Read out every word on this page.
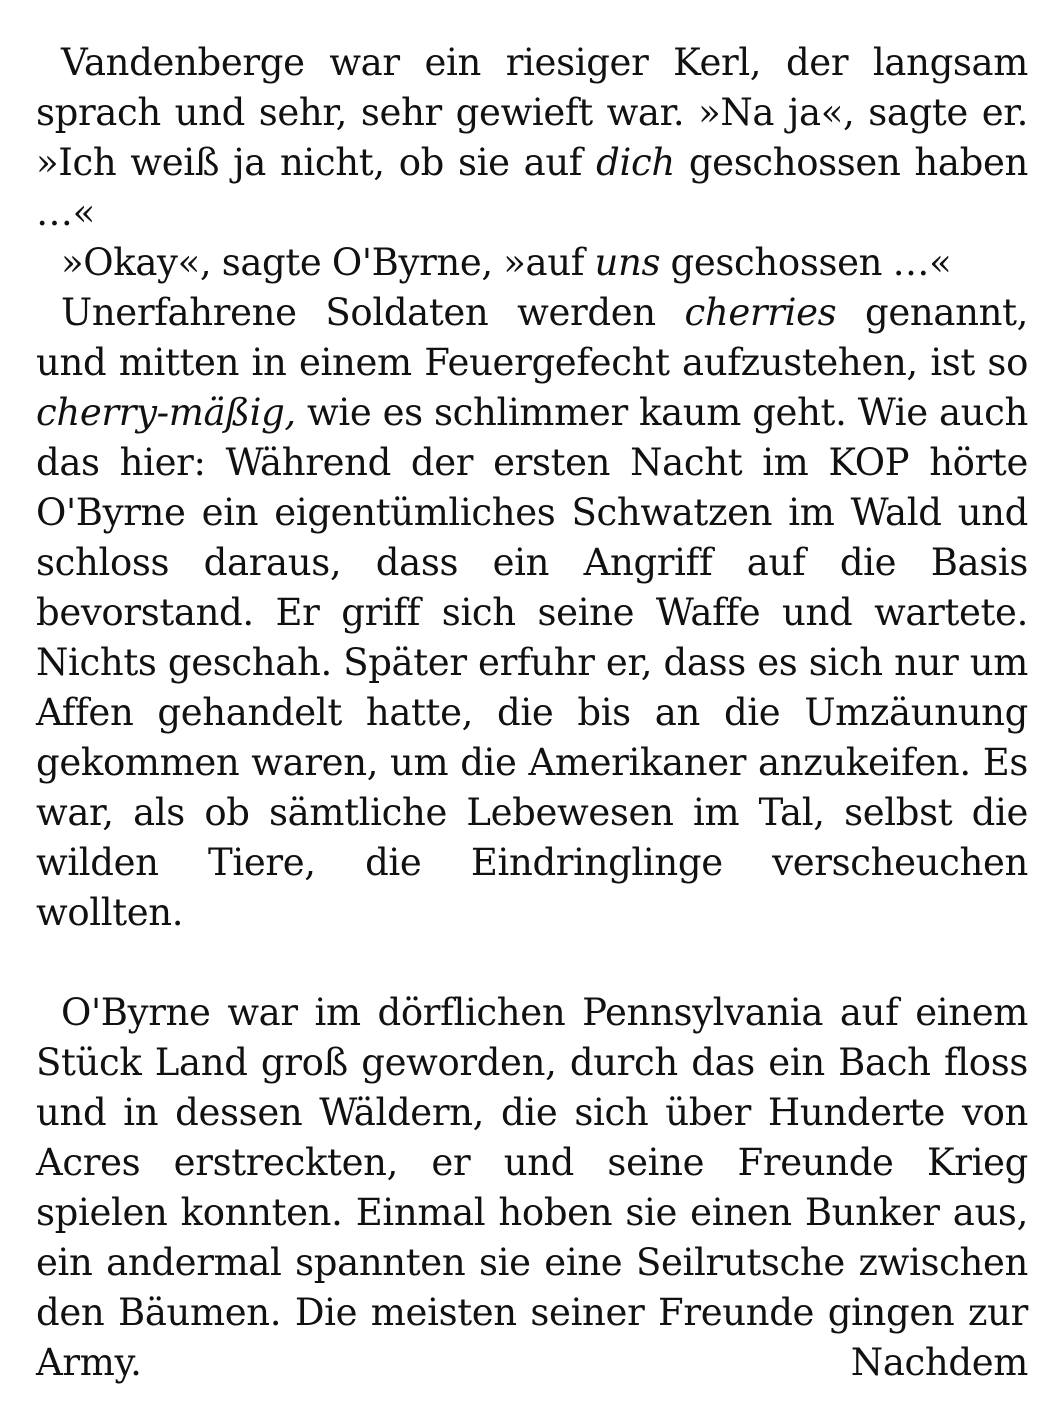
Vandenberge war ein riesiger Kerl, der langsam sprach und sehr, sehr gewieft war. »Na ja«, sagte er. »Ich weiß ja nicht, ob sie auf dich geschossen haben …«

»Okay«, sagte O'Byrne, »auf uns geschossen …«

Unerfahrene Soldaten werden cherries genannt, und mitten in einem Feuergefecht aufzustehen, ist so cherry-mäßig, wie es schlimmer kaum geht. Wie auch das hier: Während der ersten Nacht im KOP hörte O'Byrne ein eigentümliches Schwatzen im Wald und schloss daraus, dass ein Angriff auf die Basis bevorstand. Er griff sich seine Waffe und wartete. Nichts geschah. Später erfuhr er, dass es sich nur um Affen gehandelt hatte, die bis an die Umzäunung gekommen waren, um die Amerikaner anzukeifen. Es war, als ob sämtliche Lebewesen im Tal, selbst die wilden Tiere, die Eindringlinge verscheuchen wollten.

O'Byrne war im dörflichen Pennsylvania auf einem Stück Land groß geworden, durch das ein Bach floss und in dessen Wäldern, die sich über Hunderte von Acres erstreckten, er und seine Freunde Krieg spielen konnten. Einmal hoben sie einen Bunker aus, ein andermal spannten sie eine Seilrutsche zwischen den Bäumen. Die meisten seiner Freunde gingen zur Army. Nachdem
